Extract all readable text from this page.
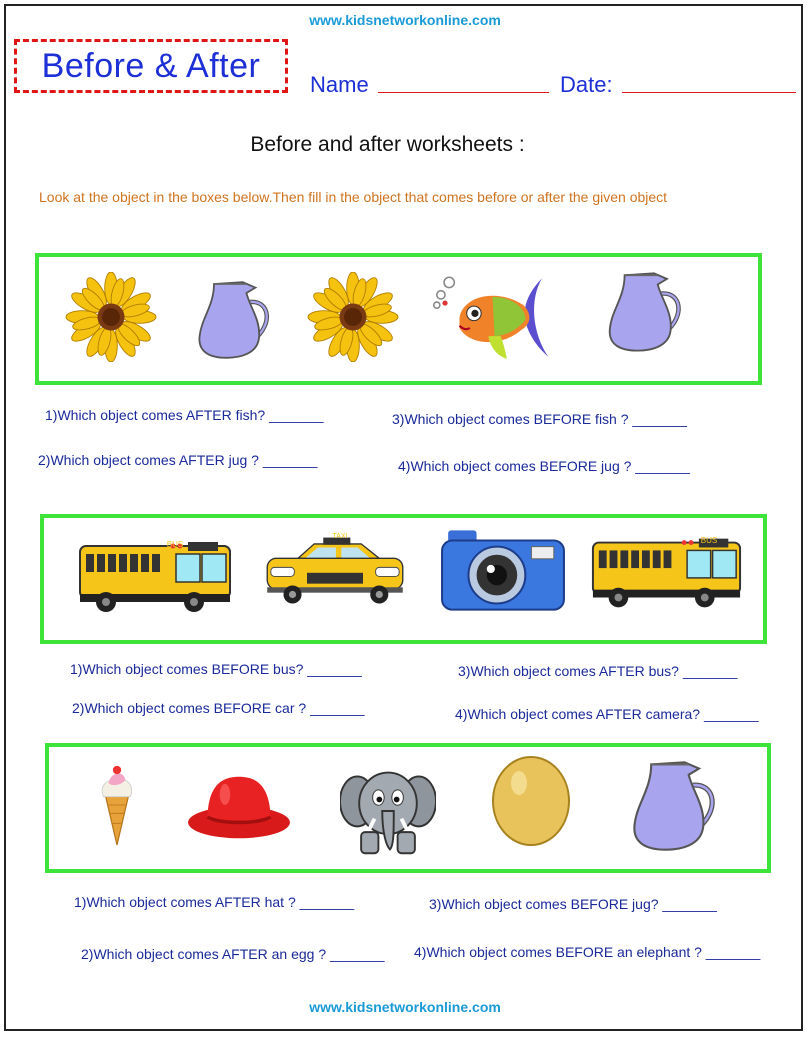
www.kidsnetworkonline.com
Before & After Name	Date:
Before and after worksheets :
Look at the object in the boxes below.Then fill in the object that comes before or after the given object
1)Which object comes AFTER fish? _______	3)Which object comes BEFORE fish ? _______
2)Which object comes AFTER jug ? _______	4)Which object comes BEFORE jug ? _______
BUS
TAXI	BUS
1)Which object comes BEFORE bus? _______	3)Which object comes AFTER bus? _______
2)Which object comes BEFORE car ? _______	4)Which object comes AFTER camera? _______
1)Which object comes AFTER hat ? _______	3)Which object comes BEFORE jug? _______
2)Which object comes AFTER an egg ? _______ 4)Which object comes BEFORE an elephant ? _______
www.kidsnetworkonline.com
